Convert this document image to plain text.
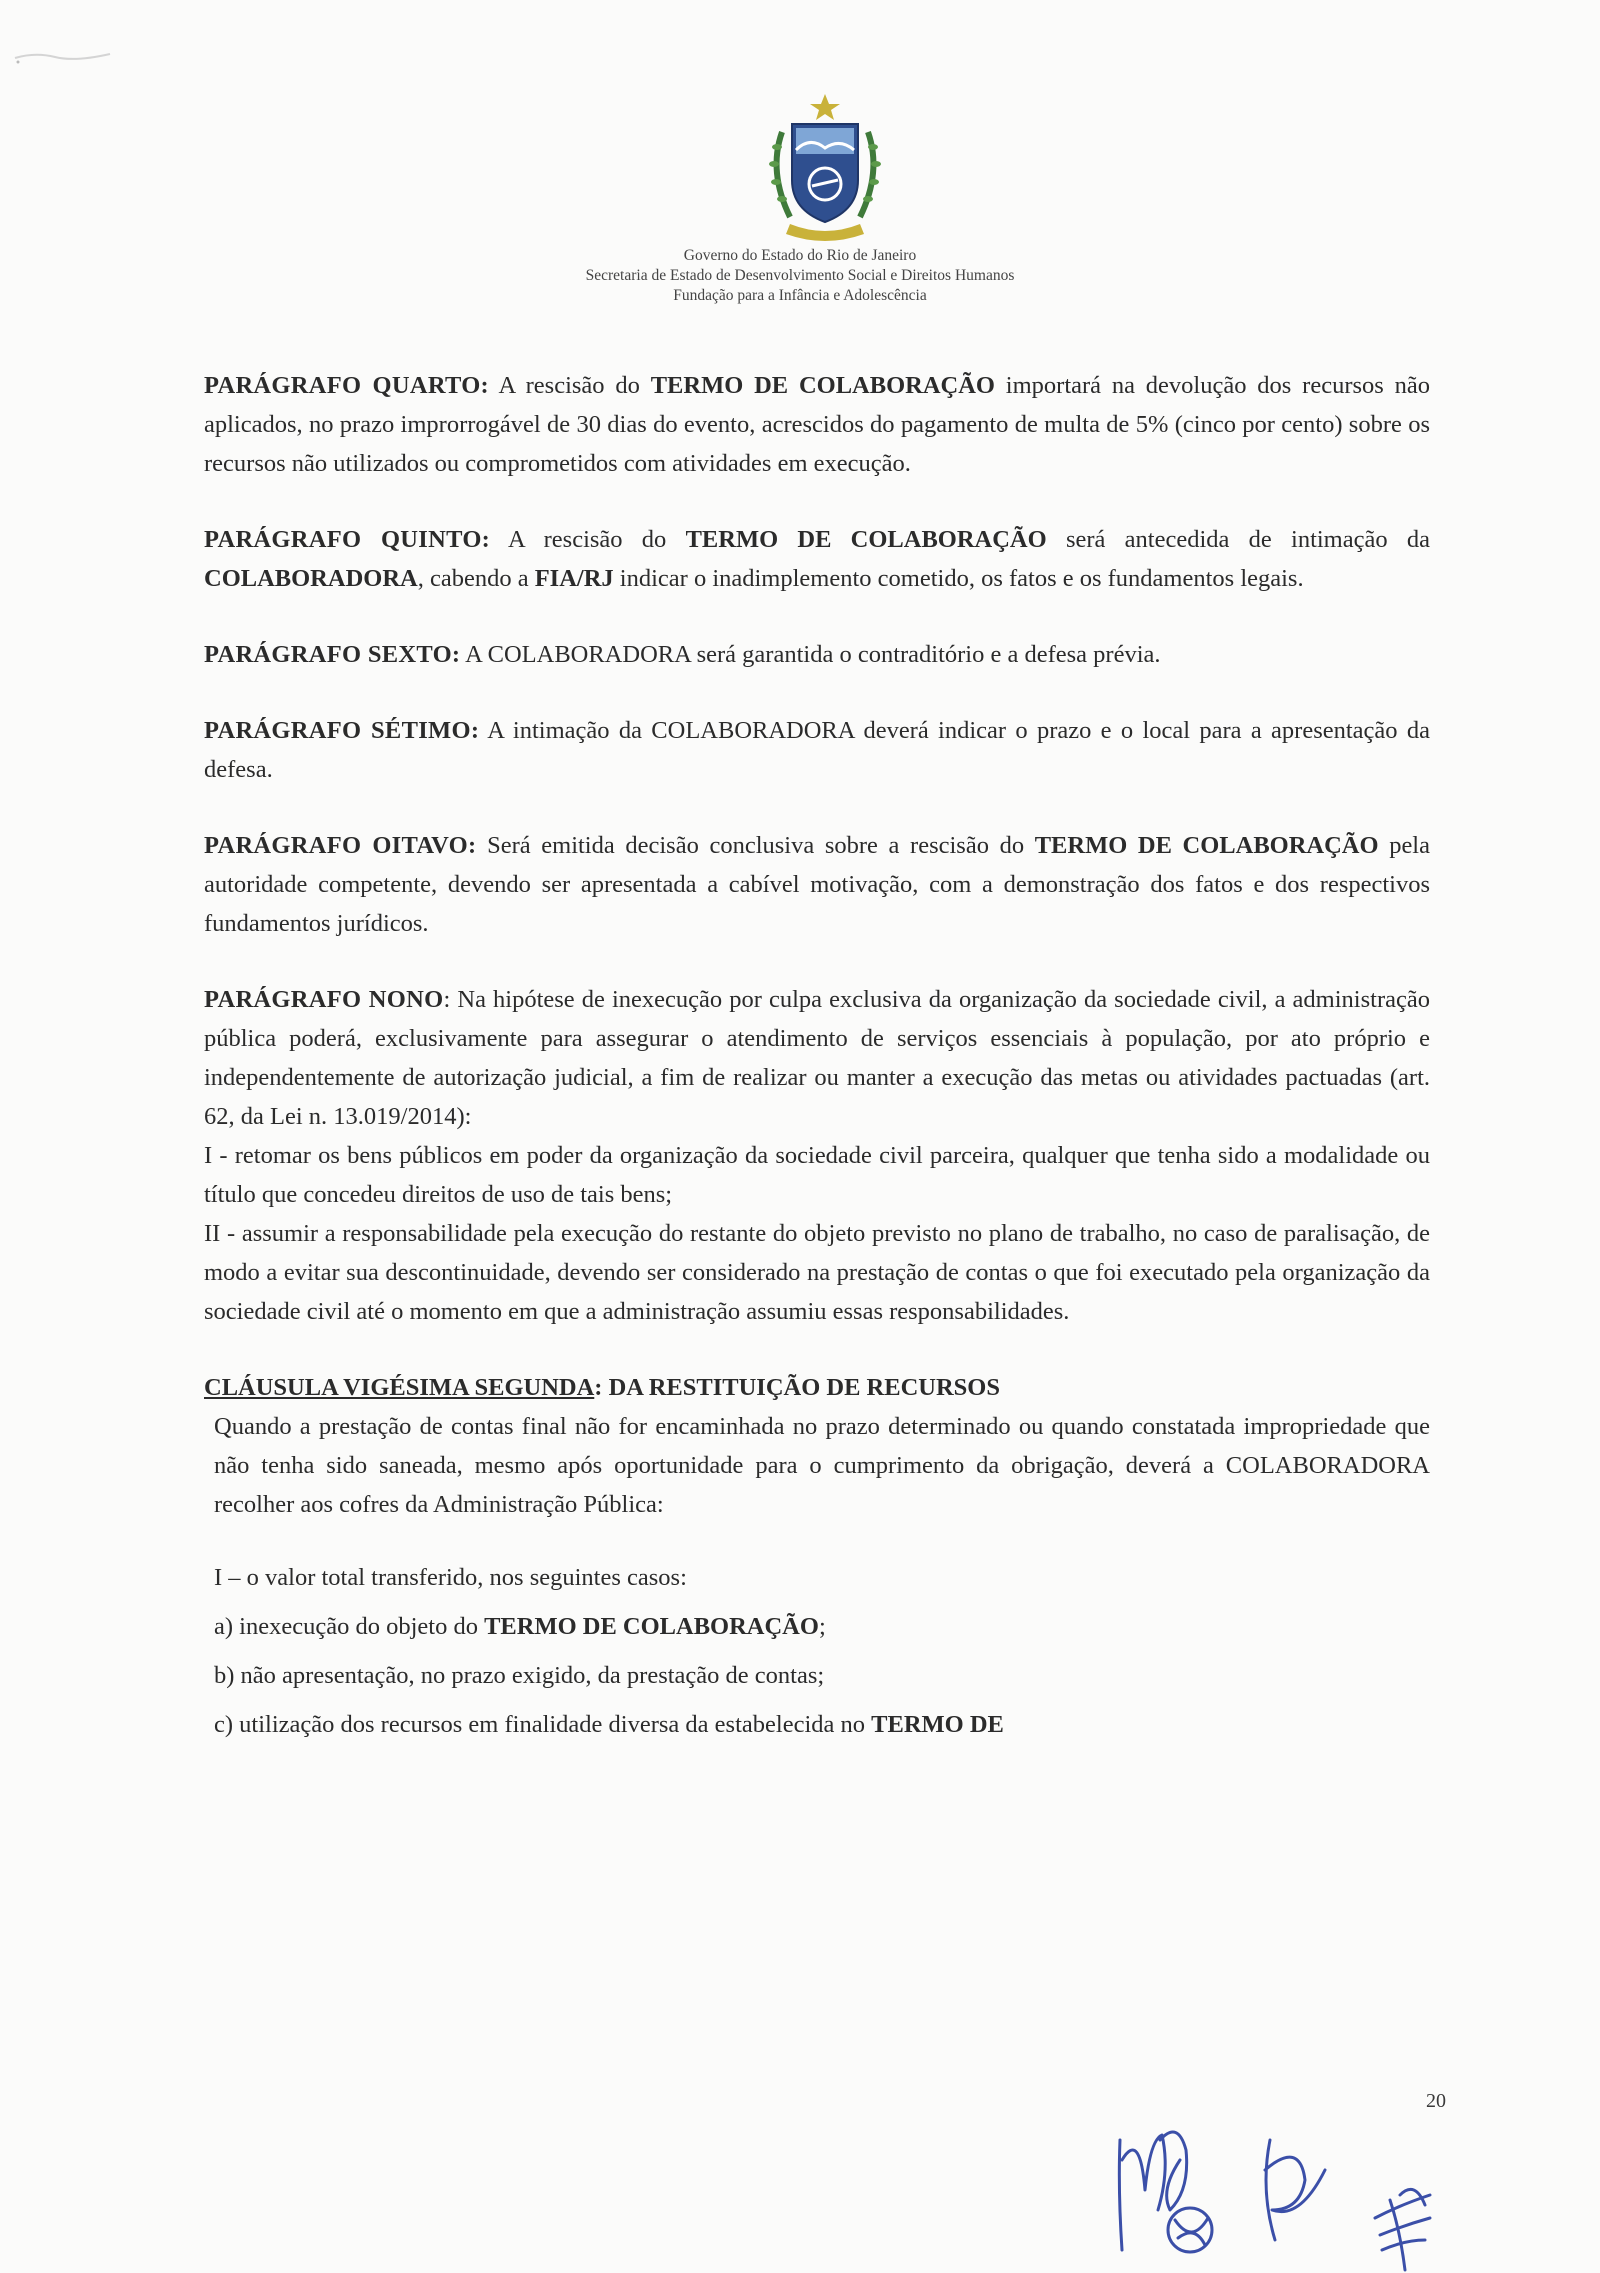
Governo do Estado do Rio de Janeiro
Secretaria de Estado de Desenvolvimento Social e Direitos Humanos
Fundação para a Infância e Adolescência

PARÁGRAFO QUARTO: A rescisão do TERMO DE COLABORAÇÃO importará na devolução dos recursos não aplicados, no prazo improrrogável de 30 dias do evento, acrescidos do pagamento de multa de 5% (cinco por cento) sobre os recursos não utilizados ou comprometidos com atividades em execução.

PARÁGRAFO QUINTO: A rescisão do TERMO DE COLABORAÇÃO será antecedida de intimação da COLABORADORA, cabendo a FIA/RJ indicar o inadimplemento cometido, os fatos e os fundamentos legais.

PARÁGRAFO SEXTO: A COLABORADORA será garantida o contraditório e a defesa prévia.

PARÁGRAFO SÉTIMO: A intimação da COLABORADORA deverá indicar o prazo e o local para a apresentação da defesa.

PARÁGRAFO OITAVO: Será emitida decisão conclusiva sobre a rescisão do TERMO DE COLABORAÇÃO pela autoridade competente, devendo ser apresentada a cabível motivação, com a demonstração dos fatos e dos respectivos fundamentos jurídicos.

PARÁGRAFO NONO: Na hipótese de inexecução por culpa exclusiva da organização da sociedade civil, a administração pública poderá, exclusivamente para assegurar o atendimento de serviços essenciais à população, por ato próprio e independentemente de autorização judicial, a fim de realizar ou manter a execução das metas ou atividades pactuadas (art. 62, da Lei n. 13.019/2014):

I - retomar os bens públicos em poder da organização da sociedade civil parceira, qualquer que tenha sido a modalidade ou título que concedeu direitos de uso de tais bens;

II - assumir a responsabilidade pela execução do restante do objeto previsto no plano de trabalho, no caso de paralisação, de modo a evitar sua descontinuidade, devendo ser considerado na prestação de contas o que foi executado pela organização da sociedade civil até o momento em que a administração assumiu essas responsabilidades.

CLÁUSULA VIGÉSIMA SEGUNDA: DA RESTITUIÇÃO DE RECURSOS

Quando a prestação de contas final não for encaminhada no prazo determinado ou quando constatada impropriedade que não tenha sido saneada, mesmo após oportunidade para o cumprimento da obrigação, deverá a COLABORADORA recolher aos cofres da Administração Pública:

I – o valor total transferido, nos seguintes casos:

a) inexecução do objeto do TERMO DE COLABORAÇÃO;

b) não apresentação, no prazo exigido, da prestação de contas;

c) utilização dos recursos em finalidade diversa da estabelecida no TERMO DE

20
